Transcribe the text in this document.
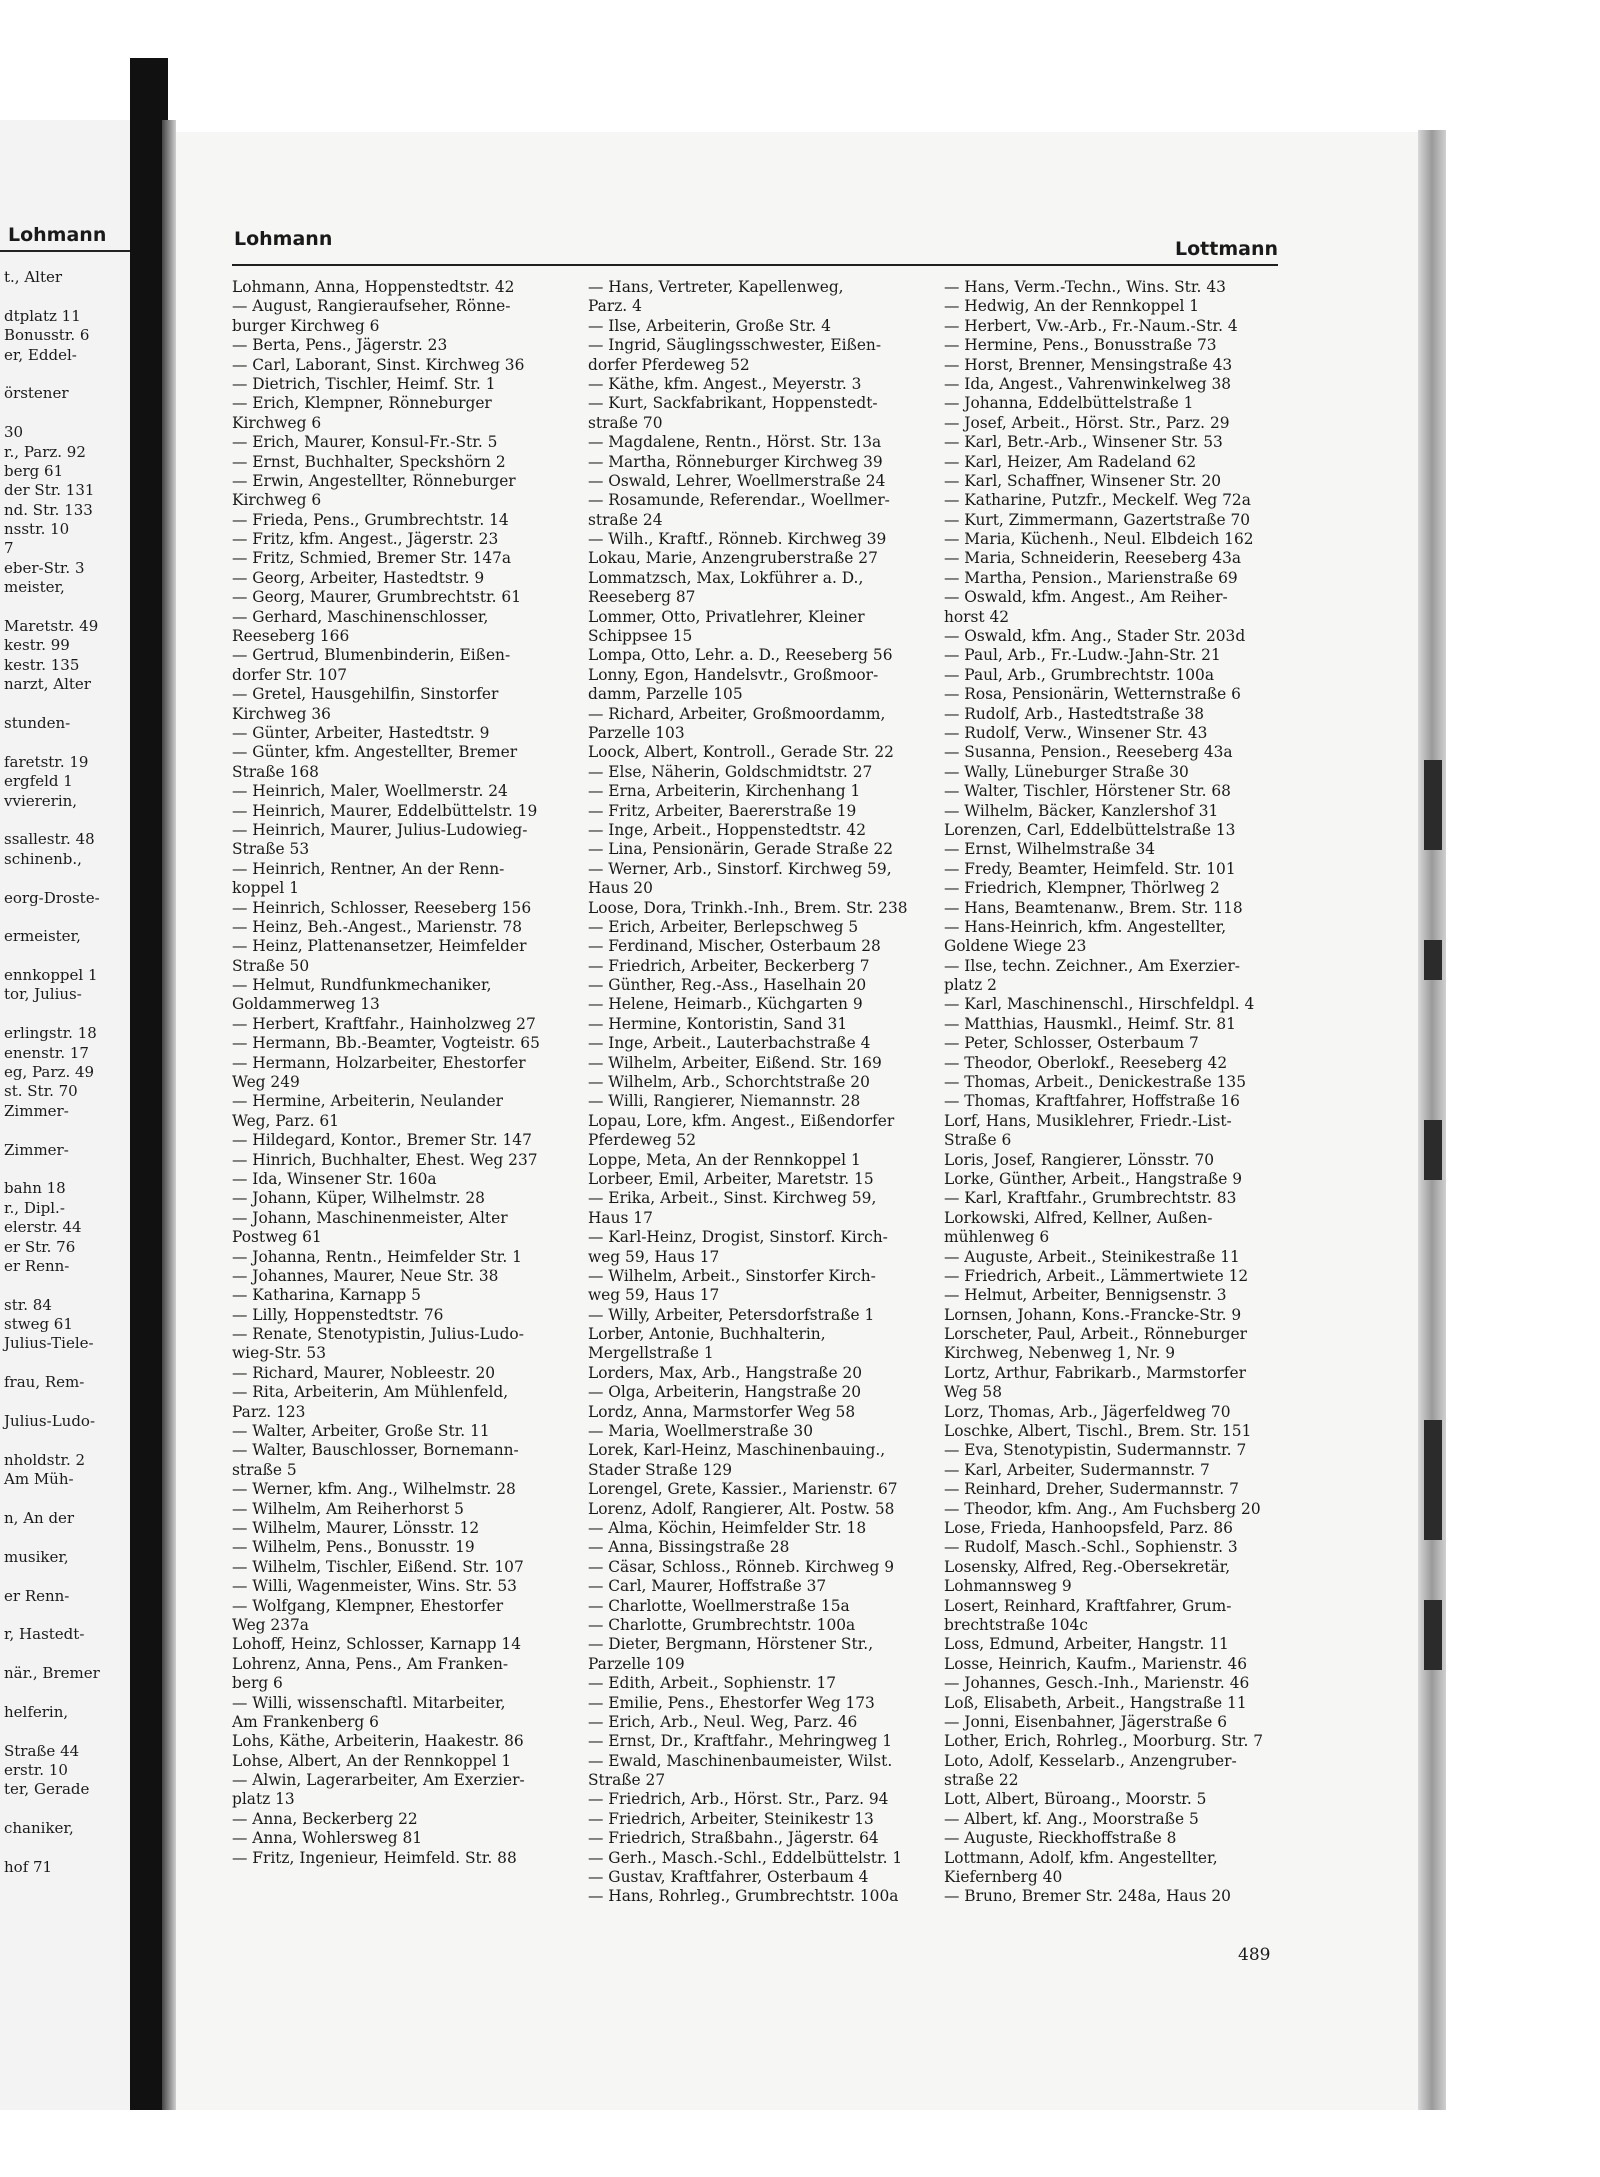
Lohmann
t., Alter
dtplatz 11
Bonusstr. 6
er, Eddel-
örstener
30
r., Parz. 92
berg 61
der Str. 131
nd. Str. 133
nsstr. 10
7
eber-Str. 3
meister,
Maretstr. 49
kestr. 99
kestr. 135
narzt, Alter
stunden-
faretstr. 19
ergfeld 1
vviererin,
ssallestr. 48
schinenb.,
eorg-Droste-
ermeister,
ennkoppel 1
tor, Julius-
erlingstr. 18
enenstr. 17
eg, Parz. 49
st. Str. 70
Zimmer-
Zimmer-
bahn 18
r., Dipl.-
elerstr. 44
er Str. 76
er Renn-
str. 84
stweg 61
Julius-Tiele-
frau, Rem-
Julius-Ludo-
nholdstr. 2
Am Müh-
n, An der
musiker,
er Renn-
r, Hastedt-
när., Bremer
helferin,
Straße 44
erstr. 10
ter, Gerade
chaniker,
hof 71
Lohmann	Lottmann
Lohmann, Anna, Hoppenstedtstr. 42
— August, Rangieraufseher, Rönne-
burger Kirchweg 6
— Berta, Pens., Jägerstr. 23
— Carl, Laborant, Sinst. Kirchweg 36
— Dietrich, Tischler, Heimf. Str. 1
— Erich, Klempner, Rönneburger
Kirchweg 6
— Erich, Maurer, Konsul-Fr.-Str. 5
— Ernst, Buchhalter, Speckshörn 2
— Erwin, Angestellter, Rönneburger
Kirchweg 6
— Frieda, Pens., Grumbrechtstr. 14
— Fritz, kfm. Angest., Jägerstr. 23
— Fritz, Schmied, Bremer Str. 147a
— Georg, Arbeiter, Hastedtstr. 9
— Georg, Maurer, Grumbrechtstr. 61
— Gerhard, Maschinenschlosser,
Reeseberg 166
— Gertrud, Blumenbinderin, Eißen-
dorfer Str. 107
— Gretel, Hausgehilfin, Sinstorfer
Kirchweg 36
— Günter, Arbeiter, Hastedtstr. 9
— Günter, kfm. Angestellter, Bremer
Straße 168
— Heinrich, Maler, Woellmerstr. 24
— Heinrich, Maurer, Eddelbüttelstr. 19
— Heinrich, Maurer, Julius-Ludowieg-
Straße 53
— Heinrich, Rentner, An der Renn-
koppel 1
— Heinrich, Schlosser, Reeseberg 156
— Heinz, Beh.-Angest., Marienstr. 78
— Heinz, Plattenansetzer, Heimfelder
Straße 50
— Helmut, Rundfunkmechaniker,
Goldammerweg 13
— Herbert, Kraftfahr., Hainholzweg 27
— Hermann, Bb.-Beamter, Vogteistr. 65
— Hermann, Holzarbeiter, Ehestorfer
Weg 249
— Hermine, Arbeiterin, Neulander
Weg, Parz. 61
— Hildegard, Kontor., Bremer Str. 147
— Hinrich, Buchhalter, Ehest. Weg 237
— Ida, Winsener Str. 160a
— Johann, Küper, Wilhelmstr. 28
— Johann, Maschinenmeister, Alter
Postweg 61
— Johanna, Rentn., Heimfelder Str. 1
— Johannes, Maurer, Neue Str. 38
— Katharina, Karnapp 5
— Lilly, Hoppenstedtstr. 76
— Renate, Stenotypistin, Julius-Ludo-
wieg-Str. 53
— Richard, Maurer, Nobleestr. 20
— Rita, Arbeiterin, Am Mühlenfeld,
Parz. 123
— Walter, Arbeiter, Große Str. 11
— Walter, Bauschlosser, Bornemann-
straße 5
— Werner, kfm. Ang., Wilhelmstr. 28
— Wilhelm, Am Reiherhorst 5
— Wilhelm, Maurer, Lönsstr. 12
— Wilhelm, Pens., Bonusstr. 19
— Wilhelm, Tischler, Eißend. Str. 107
— Willi, Wagenmeister, Wins. Str. 53
— Wolfgang, Klempner, Ehestorfer
Weg 237a
Lohoff, Heinz, Schlosser, Karnapp 14
Lohrenz, Anna, Pens., Am Franken-
berg 6
— Willi, wissenschaftl. Mitarbeiter,
Am Frankenberg 6
Lohs, Käthe, Arbeiterin, Haakestr. 86
Lohse, Albert, An der Rennkoppel 1
— Alwin, Lagerarbeiter, Am Exerzier-
platz 13
— Anna, Beckerberg 22
— Anna, Wohlersweg 81
— Fritz, Ingenieur, Heimfeld. Str. 88
— Hans, Vertreter, Kapellenweg,
Parz. 4
— Ilse, Arbeiterin, Große Str. 4
— Ingrid, Säuglingsschwester, Eißen-
dorfer Pferdeweg 52
— Käthe, kfm. Angest., Meyerstr. 3
— Kurt, Sackfabrikant, Hoppenstedt-
straße 70
— Magdalene, Rentn., Hörst. Str. 13a
— Martha, Rönneburger Kirchweg 39
— Oswald, Lehrer, Woellmerstraße 24
— Rosamunde, Referendar., Woellmer-
straße 24
— Wilh., Kraftf., Rönneb. Kirchweg 39
Lokau, Marie, Anzengruberstraße 27
Lommatzsch, Max, Lokführer a. D.,
Reeseberg 87
Lommer, Otto, Privatlehrer, Kleiner
Schippsee 15
Lompa, Otto, Lehr. a. D., Reeseberg 56
Lonny, Egon, Handelsvtr., Großmoor-
damm, Parzelle 105
— Richard, Arbeiter, Großmoordamm,
Parzelle 103
Loock, Albert, Kontroll., Gerade Str. 22
— Else, Näherin, Goldschmidtstr. 27
— Erna, Arbeiterin, Kirchenhang 1
— Fritz, Arbeiter, Baererstraße 19
— Inge, Arbeit., Hoppenstedtstr. 42
— Lina, Pensionärin, Gerade Straße 22
— Werner, Arb., Sinstorf. Kirchweg 59,
Haus 20
Loose, Dora, Trinkh.-Inh., Brem. Str. 238
— Erich, Arbeiter, Berlepschweg 5
— Ferdinand, Mischer, Osterbaum 28
— Friedrich, Arbeiter, Beckerberg 7
— Günther, Reg.-Ass., Haselhain 20
— Helene, Heimarb., Küchgarten 9
— Hermine, Kontoristin, Sand 31
— Inge, Arbeit., Lauterbachstraße 4
— Wilhelm, Arbeiter, Eißend. Str. 169
— Wilhelm, Arb., Schorchtstraße 20
— Willi, Rangierer, Niemannstr. 28
Lopau, Lore, kfm. Angest., Eißendorfer
Pferdeweg 52
Loppe, Meta, An der Rennkoppel 1
Lorbeer, Emil, Arbeiter, Maretstr. 15
— Erika, Arbeit., Sinst. Kirchweg 59,
Haus 17
— Karl-Heinz, Drogist, Sinstorf. Kirch-
weg 59, Haus 17
— Wilhelm, Arbeit., Sinstorfer Kirch-
weg 59, Haus 17
— Willy, Arbeiter, Petersdorfstraße 1
Lorber, Antonie, Buchhalterin,
Mergellstraße 1
Lorders, Max, Arb., Hangstraße 20
— Olga, Arbeiterin, Hangstraße 20
Lordz, Anna, Marmstorfer Weg 58
— Maria, Woellmerstraße 30
Lorek, Karl-Heinz, Maschinenbauing.,
Stader Straße 129
Lorengel, Grete, Kassier., Marienstr. 67
Lorenz, Adolf, Rangierer, Alt. Postw. 58
— Alma, Köchin, Heimfelder Str. 18
— Anna, Bissingstraße 28
— Cäsar, Schloss., Rönneb. Kirchweg 9
— Carl, Maurer, Hoffstraße 37
— Charlotte, Woellmerstraße 15a
— Charlotte, Grumbrechtstr. 100a
— Dieter, Bergmann, Hörstener Str.,
Parzelle 109
— Edith, Arbeit., Sophienstr. 17
— Emilie, Pens., Ehestorfer Weg 173
— Erich, Arb., Neul. Weg, Parz. 46
— Ernst, Dr., Kraftfahr., Mehringweg 1
— Ewald, Maschinenbaumeister, Wilst.
Straße 27
— Friedrich, Arb., Hörst. Str., Parz. 94
— Friedrich, Arbeiter, Steinikestr 13
— Friedrich, Straßbahn., Jägerstr. 64
— Gerh., Masch.-Schl., Eddelbüttelstr. 1
— Gustav, Kraftfahrer, Osterbaum 4
— Hans, Rohrleg., Grumbrechtstr. 100a
— Hans, Verm.-Techn., Wins. Str. 43
— Hedwig, An der Rennkoppel 1
— Herbert, Vw.-Arb., Fr.-Naum.-Str. 4
— Hermine, Pens., Bonusstraße 73
— Horst, Brenner, Mensingstraße 43
— Ida, Angest., Vahrenwinkelweg 38
— Johanna, Eddelbüttelstraße 1
— Josef, Arbeit., Hörst. Str., Parz. 29
— Karl, Betr.-Arb., Winsener Str. 53
— Karl, Heizer, Am Radeland 62
— Karl, Schaffner, Winsener Str. 20
— Katharine, Putzfr., Meckelf. Weg 72a
— Kurt, Zimmermann, Gazertstraße 70
— Maria, Küchenh., Neul. Elbdeich 162
— Maria, Schneiderin, Reeseberg 43a
— Martha, Pension., Marienstraße 69
— Oswald, kfm. Angest., Am Reiher-
horst 42
— Oswald, kfm. Ang., Stader Str. 203d
— Paul, Arb., Fr.-Ludw.-Jahn-Str. 21
— Paul, Arb., Grumbrechtstr. 100a
— Rosa, Pensionärin, Wetternstraße 6
— Rudolf, Arb., Hastedtstraße 38
— Rudolf, Verw., Winsener Str. 43
— Susanna, Pension., Reeseberg 43a
— Wally, Lüneburger Straße 30
— Walter, Tischler, Hörstener Str. 68
— Wilhelm, Bäcker, Kanzlershof 31
Lorenzen, Carl, Eddelbüttelstraße 13
— Ernst, Wilhelmstraße 34
— Fredy, Beamter, Heimfeld. Str. 101
— Friedrich, Klempner, Thörlweg 2
— Hans, Beamtenanw., Brem. Str. 118
— Hans-Heinrich, kfm. Angestellter,
Goldene Wiege 23
— Ilse, techn. Zeichner., Am Exerzier-
platz 2
— Karl, Maschinenschl., Hirschfeldpl. 4
— Matthias, Hausmkl., Heimf. Str. 81
— Peter, Schlosser, Osterbaum 7
— Theodor, Oberlokf., Reeseberg 42
— Thomas, Arbeit., Denickestraße 135
— Thomas, Kraftfahrer, Hoffstraße 16
Lorf, Hans, Musiklehrer, Friedr.-List-
Straße 6
Loris, Josef, Rangierer, Lönsstr. 70
Lorke, Günther, Arbeit., Hangstraße 9
— Karl, Kraftfahr., Grumbrechtstr. 83
Lorkowski, Alfred, Kellner, Außen-
mühlenweg 6
— Auguste, Arbeit., Steinikestraße 11
— Friedrich, Arbeit., Lämmertwiete 12
— Helmut, Arbeiter, Bennigsenstr. 3
Lornsen, Johann, Kons.-Francke-Str. 9
Lorscheter, Paul, Arbeit., Rönneburger
Kirchweg, Nebenweg 1, Nr. 9
Lortz, Arthur, Fabrikarb., Marmstorfer
Weg 58
Lorz, Thomas, Arb., Jägerfeldweg 70
Loschke, Albert, Tischl., Brem. Str. 151
— Eva, Stenotypistin, Sudermannstr. 7
— Karl, Arbeiter, Sudermannstr. 7
— Reinhard, Dreher, Sudermannstr. 7
— Theodor, kfm. Ang., Am Fuchsberg 20
Lose, Frieda, Hanhoopsfeld, Parz. 86
— Rudolf, Masch.-Schl., Sophienstr. 3
Losensky, Alfred, Reg.-Obersekretär,
Lohmannsweg 9
Losert, Reinhard, Kraftfahrer, Grum-
brechtstraße 104c
Loss, Edmund, Arbeiter, Hangstr. 11
Losse, Heinrich, Kaufm., Marienstr. 46
— Johannes, Gesch.-Inh., Marienstr. 46
Loß, Elisabeth, Arbeit., Hangstraße 11
— Jonni, Eisenbahner, Jägerstraße 6
Lother, Erich, Rohrleg., Moorburg. Str. 7
Loto, Adolf, Kesselarb., Anzengruber-
straße 22
Lott, Albert, Büroang., Moorstr. 5
— Albert, kf. Ang., Moorstraße 5
— Auguste, Rieckhoffstraße 8
Lottmann, Adolf, kfm. Angestellter,
Kiefernberg 40
— Bruno, Bremer Str. 248a, Haus 20
489
